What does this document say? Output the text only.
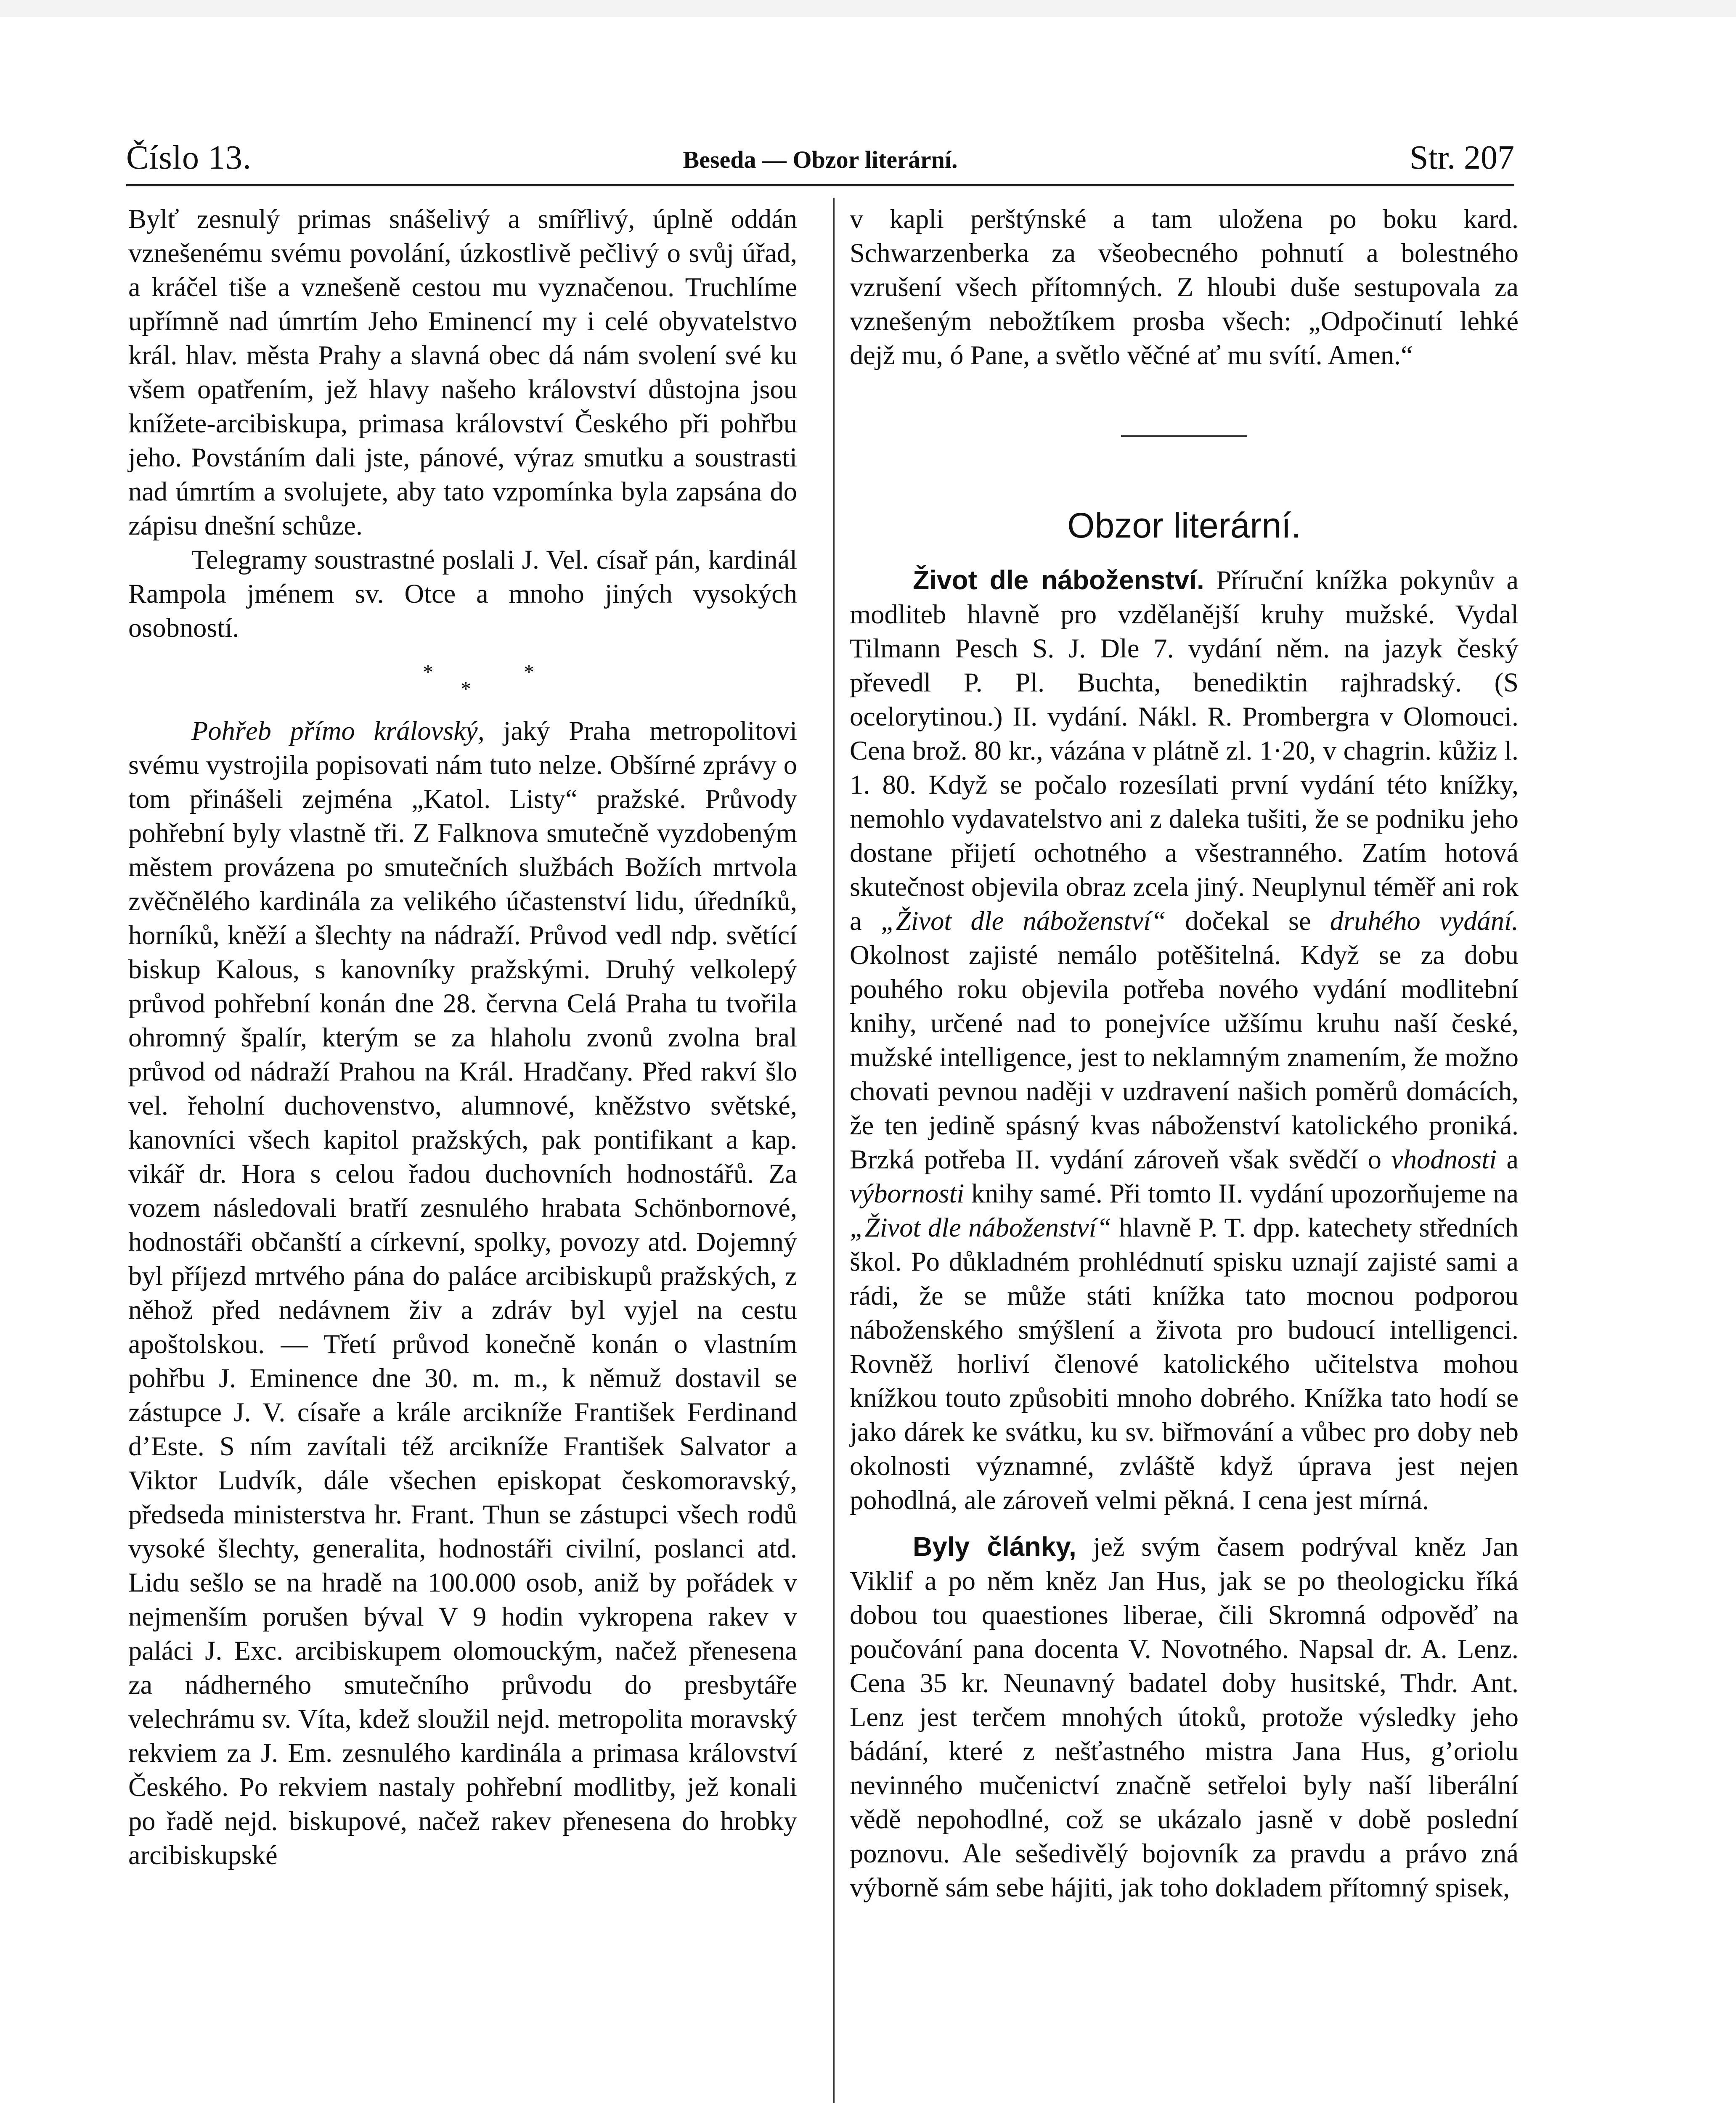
Číslo 13.	Beseda — Obzor literární.	Str. 207

Bylť zesnulý primas snášelivý a smířlivý, úplně oddán vznešenému svému povolání, úzkostlivě pečlivý o svůj úřad, a kráčel tiše a vznešeně cestou mu vyznačenou. Truchlíme upřímně nad úmrtím Jeho Eminencí my i celé obyvatelstvo král. hlav. města Prahy a slavná obec dá nám svolení své ku všem opatřením, jež hlavy našeho království důstojna jsou knížete-arcibiskupa, primasa království Českého při pohřbu jeho. Povstáním dali jste, pánové, výraz smutku a soustrasti nad úmrtím a svolujete, aby tato vzpomínka byla zapsána do zápisu dnešní schůze.

Telegramy soustrastné poslali J. Vel. císař pán, kardinál Rampola jménem sv. Otce a mnoho jiných vysokých osobností.

*
*
*

Pohřeb přímo královský, jaký Praha metropolitovi svému vystrojila popisovati nám tuto nelze. Obšírné zprávy o tom přinášeli zejména „Katol. Listy“ pražské. Průvody pohřební byly vlastně tři. Z Falknova smutečně vyzdobeným městem provázena po smutečních službách Božích mrtvola zvěčnělého kardinála za velikého účastenství lidu, úředníků, horníků, kněží a šlechty na nádraží. Průvod vedl ndp. světící biskup Kalous, s kanovníky pražskými. Druhý velkolepý průvod pohřební konán dne 28. června Celá Praha tu tvořila ohromný špalír, kterým se za hlaholu zvonů zvolna bral průvod od nádraží Prahou na Král. Hradčany. Před rakví šlo vel. řeholní duchovenstvo, alumnové, kněžstvo světské, kanovníci všech kapitol pražských, pak pontifikant a kap. vikář dr. Hora s celou řadou duchovních hodnostářů. Za vozem následovali bratří zesnulého hrabata Schönbornové, hodnostáři občanští a církevní, spolky, povozy atd. Dojemný byl příjezd mrtvého pána do paláce arcibiskupů pražských, z něhož před nedávnem živ a zdráv byl vyjel na cestu apoštolskou. — Třetí průvod konečně konán o vlastním pohřbu J. Eminence dne 30. m. m., k němuž dostavil se zástupce J. V. císaře a krále arcikníže František Ferdinand d’Este. S ním zavítali též arcikníže František Salvator a Viktor Ludvík, dále všechen episkopat českomoravský, předseda ministerstva hr. Frant. Thun se zástupci všech rodů vysoké šlechty, generalita, hodnostáři civilní, poslanci atd. Lidu sešlo se na hradě na 100.000 osob, aniž by pořádek v nejmenším porušen býval V 9 hodin vykropena rakev v paláci J. Exc. arcibiskupem olomouckým, načež přenesena za nádherného smutečního průvodu do presbytáře velechrámu sv. Víta, kdež sloužil nejd. metropolita moravský rekviem za J. Em. zesnulého kardinála a primasa království Českého. Po rekviem nastaly pohřební modlitby, jež konali po řadě nejd. biskupové, načež rakev přenesena do hrobky arcibiskupské

v kapli perštýnské a tam uložena po boku kard. Schwarzenberka za všeobecného pohnutí a bolestného vzrušení všech přítomných. Z hloubi duše sestupovala za vznešeným nebožtíkem prosba všech: „Odpočinutí lehké dejž mu, ó Pane, a světlo věčné ať mu svítí. Amen.“

Obzor literární.

Život dle náboženství. Příruční knížka pokynův a modliteb hlavně pro vzdělanější kruhy mužské. Vydal Tilmann Pesch S. J. Dle 7. vydání něm. na jazyk český převedl P. Pl. Buchta, benediktin rajhradský. (S ocelorytinou.) II. vydání. Nákl. R. Prombergra v Olomouci. Cena brož. 80 kr., vázána v plátně zl. 1·20, v chagrin. kůžiz l. 1. 80. Když se počalo rozesílati první vydání této knížky, nemohlo vydavatelstvo ani z daleka tušiti, že se podniku jeho dostane přijetí ochotného a všestranného. Zatím hotová skutečnost objevila obraz zcela jiný. Neuplynul téměř ani rok a „Život dle náboženství“ dočekal se druhého vydání. Okolnost zajisté nemálo potěšitelná. Když se za dobu pouhého roku objevila potřeba nového vydání modlitební knihy, určené nad to ponejvíce užšímu kruhu naší české, mužské intelligence, jest to neklamným znamením, že možno chovati pevnou naději v uzdravení našich poměrů domácích, že ten jedině spásný kvas náboženství katolického proniká. Brzká potřeba II. vydání zároveň však svědčí o vhodnosti a výbornosti knihy samé. Při tomto II. vydání upozorňujeme na „Život dle náboženství“ hlavně P. T. dpp. katechety středních škol. Po důkladném prohlédnutí spisku uznají zajisté sami a rádi, že se může státi knížka tato mocnou podporou náboženského smýšlení a života pro budoucí intelligenci. Rovněž horliví členové katolického učitelstva mohou knížkou touto způsobiti mnoho dobrého. Knížka tato hodí se jako dárek ke svátku, ku sv. biřmování a vůbec pro doby neb okolnosti významné, zvláště když úprava jest nejen pohodlná, ale zároveň velmi pěkná. I cena jest mírná.

Byly články, jež svým časem podrýval kněz Jan Viklif a po něm kněz Jan Hus, jak se po theologicku říká dobou tou quaestiones liberae, čili Skromná odpověď na poučování pana docenta V. Novotného. Napsal dr. A. Lenz. Cena 35 kr. Neunavný badatel doby husitské, Thdr. Ant. Lenz jest terčem mnohých útoků, protože výsledky jeho bádání, které z nešťastného mistra Jana Hus, g’oriolu nevinného mučenictví značně setřeloi byly naší liberální vědě nepohodlné, což se ukázalo jasně v době poslední poznovu. Ale sešedivělý bojovník za pravdu a právo zná výborně sám sebe hájiti, jak toho dokladem přítomný spisek,
